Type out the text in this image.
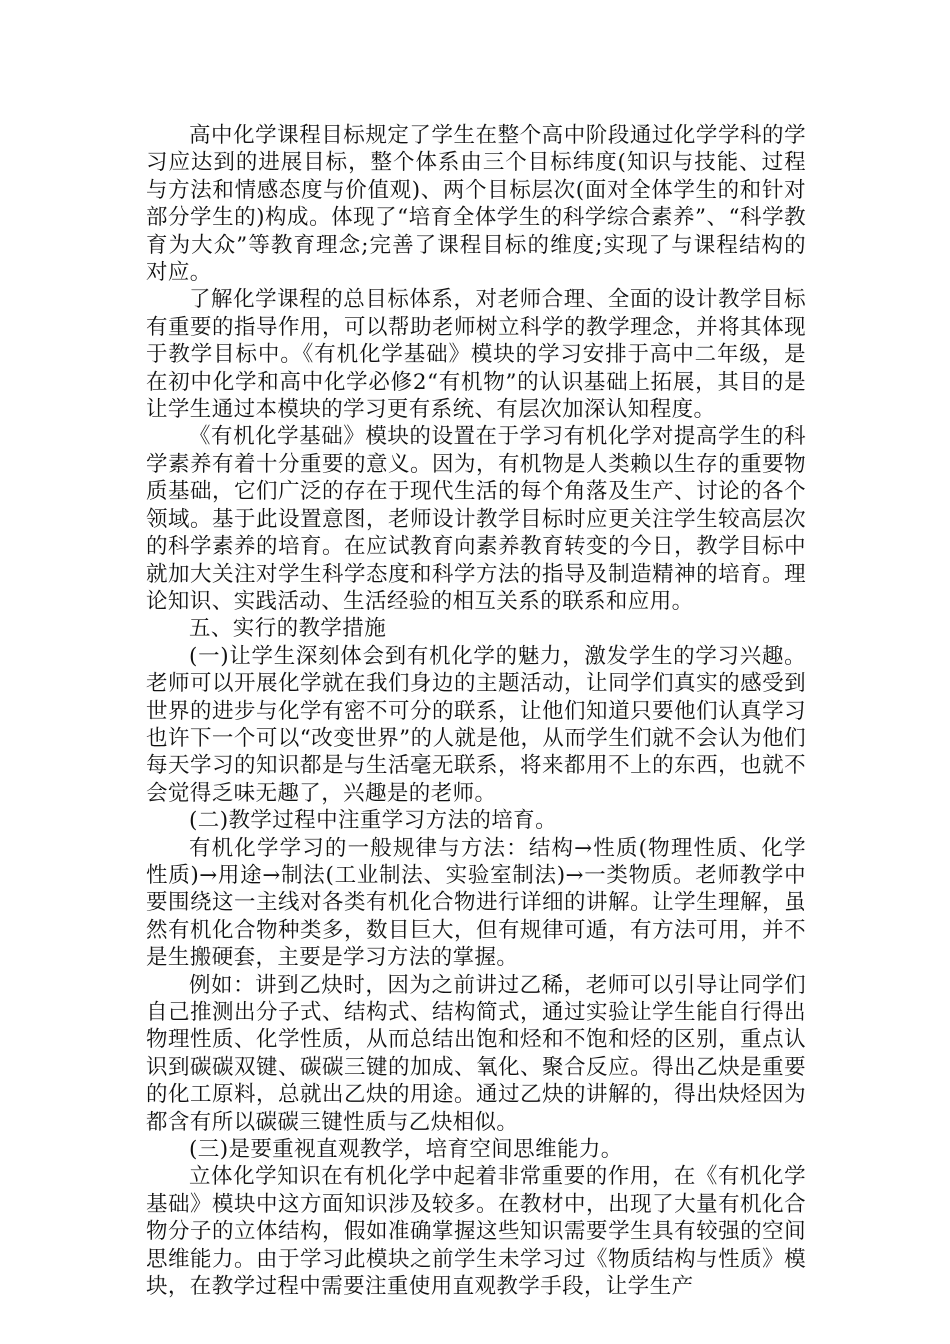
高中化学课程目标规定了学生在整个高中阶段通过化学学科的学习应达到的进展目标，整个体系由三个目标纬度(知识与技能、过程与方法和情感态度与价值观)、两个目标层次(面对全体学生的和针对部分学生的)构成。体现了“培育全体学生的科学综合素养”、“科学教育为大众”等教育理念;完善了课程目标的维度;实现了与课程结构的对应。

了解化学课程的总目标体系，对老师合理、全面的设计教学目标有重要的指导作用，可以帮助老师树立科学的教学理念，并将其体现于教学目标中。《有机化学基础》模块的学习安排于高中二年级，是在初中化学和高中化学必修2“有机物”的认识基础上拓展，其目的是让学生通过本模块的学习更有系统、有层次加深认知程度。

《有机化学基础》模块的设置在于学习有机化学对提高学生的科学素养有着十分重要的意义。因为，有机物是人类赖以生存的重要物质基础，它们广泛的存在于现代生活的每个角落及生产、讨论的各个领域。基于此设置意图，老师设计教学目标时应更关注学生较高层次的科学素养的培育。在应试教育向素养教育转变的今日，教学目标中就加大关注对学生科学态度和科学方法的指导及制造精神的培育。理论知识、实践活动、生活经验的相互关系的联系和应用。

五、实行的教学措施

(一)让学生深刻体会到有机化学的魅力，激发学生的学习兴趣。老师可以开展化学就在我们身边的主题活动，让同学们真实的感受到世界的进步与化学有密不可分的联系，让他们知道只要他们认真学习也许下一个可以“改变世界”的人就是他，从而学生们就不会认为他们每天学习的知识都是与生活毫无联系，将来都用不上的东西，也就不会觉得乏味无趣了，兴趣是的老师。

(二)教学过程中注重学习方法的培育。

有机化学学习的一般规律与方法：结构→性质(物理性质、化学性质)→用途→制法(工业制法、实验室制法)→一类物质。老师教学中要围绕这一主线对各类有机化合物进行详细的讲解。让学生理解，虽然有机化合物种类多，数目巨大，但有规律可遁，有方法可用，并不是生搬硬套，主要是学习方法的掌握。

例如：讲到乙炔时，因为之前讲过乙稀，老师可以引导让同学们自己推测出分子式、结构式、结构简式，通过实验让学生能自行得出物理性质、化学性质，从而总结出饱和烃和不饱和烃的区别，重点认识到碳碳双键、碳碳三键的加成、氧化、聚合反应。得出乙炔是重要的化工原料，总就出乙炔的用途。通过乙炔的讲解的，得出炔烃因为都含有所以碳碳三键性质与乙炔相似。

(三)是要重视直观教学，培育空间思维能力。

立体化学知识在有机化学中起着非常重要的作用，在《有机化学基础》模块中这方面知识涉及较多。在教材中，出现了大量有机化合物分子的立体结构，假如准确掌握这些知识需要学生具有较强的空间思维能力。由于学习此模块之前学生未学习过《物质结构与性质》模块，在教学过程中需要注重使用直观教学手段，让学生产
